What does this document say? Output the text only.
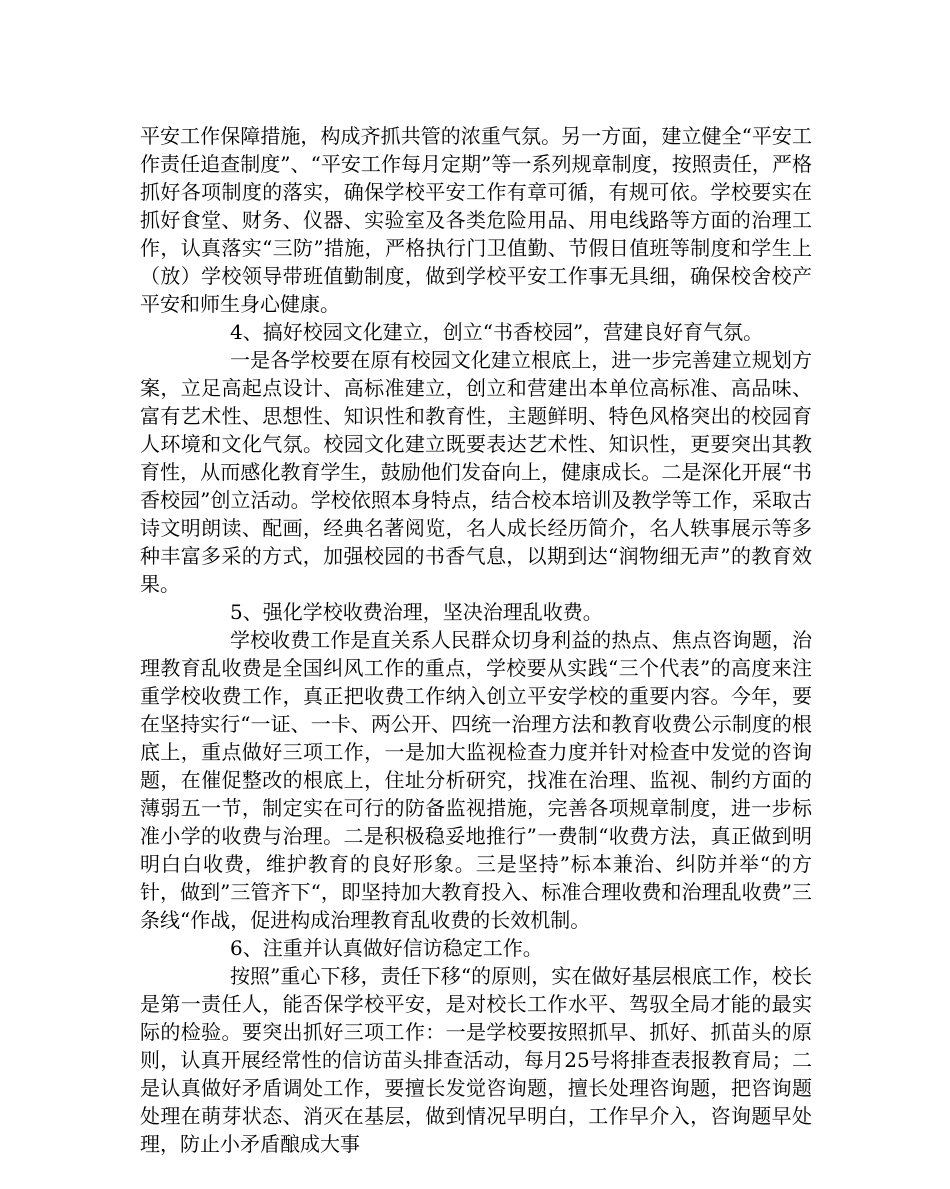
平安工作保障措施，构成齐抓共管的浓重气氛。另一方面，建立健全“平安工作责任追查制度”、“平安工作每月定期”等一系列规章制度，按照责任，严格抓好各项制度的落实，确保学校平安工作有章可循，有规可依。学校要实在抓好食堂、财务、仪器、实验室及各类危险用品、用电线路等方面的治理工作，认真落实“三防”措施，严格执行门卫值勤、节假日值班等制度和学生上（放）学校领导带班值勤制度，做到学校平安工作事无具细，确保校舍校产平安和师生身心健康。

4、搞好校园文化建立，创立“书香校园”，营建良好育气氛。

一是各学校要在原有校园文化建立根底上，进一步完善建立规划方案，立足高起点设计、高标准建立，创立和营建出本单位高标准、高品味、富有艺术性、思想性、知识性和教育性，主题鲜明、特色风格突出的校园育人环境和文化气氛。校园文化建立既要表达艺术性、知识性，更要突出其教育性，从而感化教育学生，鼓励他们发奋向上，健康成长。二是深化开展“书香校园”创立活动。学校依照本身特点，结合校本培训及教学等工作，采取古诗文明朗读、配画，经典名著阅览，名人成长经历简介，名人轶事展示等多种丰富多采的方式，加强校园的书香气息，以期到达“润物细无声”的教育效果。

5、强化学校收费治理，坚决治理乱收费。

学校收费工作是直关系人民群众切身利益的热点、焦点咨询题，治理教育乱收费是全国纠风工作的重点，学校要从实践“三个代表”的高度来注重学校收费工作，真正把收费工作纳入创立平安学校的重要内容。今年，要在坚持实行“一证、一卡、两公开、四统一治理方法和教育收费公示制度的根底上，重点做好三项工作，一是加大监视检查力度并针对检查中发觉的咨询题，在催促整改的根底上，住址分析研究，找准在治理、监视、制约方面的薄弱五一节，制定实在可行的防备监视措施，完善各项规章制度，进一步标准小学的收费与治理。二是积极稳妥地推行”一费制“收费方法，真正做到明明白白收费，维护教育的良好形象。三是坚持”标本兼治、纠防并举“的方针，做到”三管齐下“，即坚持加大教育投入、标准合理收费和治理乱收费”三条线“作战，促进构成治理教育乱收费的长效机制。

6、注重并认真做好信访稳定工作。

按照”重心下移，责任下移“的原则，实在做好基层根底工作，校长是第一责任人，能否保学校平安，是对校长工作水平、驾驭全局才能的最实际的检验。要突出抓好三项工作：一是学校要按照抓早、抓好、抓苗头的原则，认真开展经常性的信访苗头排查活动，每月25号将排查表报教育局；二是认真做好矛盾调处工作，要擅长发觉咨询题，擅长处理咨询题，把咨询题处理在萌芽状态、消灭在基层，做到情况早明白，工作早介入，咨询题早处理，防止小矛盾酿成大事
